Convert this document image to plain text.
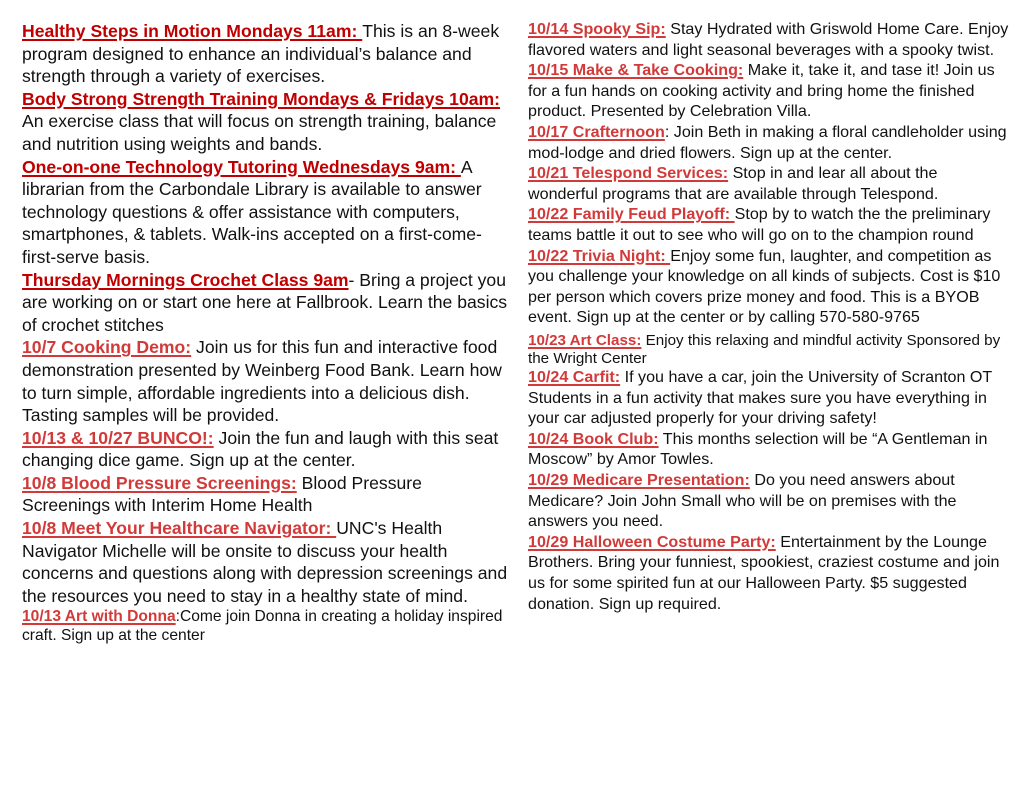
Healthy Steps in Motion Mondays 11am: This is an 8-week program designed to enhance an individual’s balance and strength through a variety of exercises.

Body Strong Strength Training Mondays & Fridays 10am: An exercise class that will focus on strength training, balance and nutrition using weights and bands.

One-on-one Technology Tutoring Wednesdays 9am: A librarian from the Carbondale Library is available to answer technology questions & offer assistance with computers, smartphones, & tablets. Walk-ins accepted on a first-come-first-serve basis.

Thursday Mornings Crochet Class 9am- Bring a project you are working on or start one here at Fallbrook. Learn the basics of crochet stitches

10/7 Cooking Demo: Join us for this fun and interactive food demonstration presented by Weinberg Food Bank. Learn how to turn simple, affordable ingredients into a delicious dish. Tasting samples will be provided.

10/13 & 10/27 BUNCO!: Join the fun and laugh with this seat changing dice game. Sign up at the center.

10/8 Blood Pressure Screenings: Blood Pressure Screenings with Interim Home Health

10/8 Meet Your Healthcare Navigator: UNC's Health Navigator Michelle will be onsite to discuss your health concerns and questions along with depression screenings and the resources you need to stay in a healthy state of mind.

10/13 Art with Donna:Come join Donna in creating a holiday inspired craft. Sign up at the center

10/14 Spooky Sip: Stay Hydrated with Griswold Home Care. Enjoy flavored waters and light seasonal beverages with a spooky twist.

10/15 Make & Take Cooking: Make it, take it, and tase it! Join us for a fun hands on cooking activity and bring home the finished product. Presented by Celebration Villa.

10/17 Crafternoon: Join Beth in making a floral candleholder using mod-lodge and dried flowers. Sign up at the center.

10/21 Telespond Services: Stop in and lear all about the wonderful programs that are available through Telespond.

10/22 Family Feud Playoff: Stop by to watch the the preliminary teams battle it out to see who will go on to the champion round

10/22 Trivia Night: Enjoy some fun, laughter, and competition as you challenge your knowledge on all kinds of subjects. Cost is $10 per person which covers prize money and food. This is a BYOB event. Sign up at the center or by calling 570-580-9765

10/23 Art Class: Enjoy this relaxing and mindful activity Sponsored by the Wright Center

10/24 Carfit: If you have a car, join the University of Scranton OT Students in a fun activity that makes sure you have everything in your car adjusted properly for your driving safety!

10/24 Book Club: This months selection will be “A Gentleman in Moscow” by Amor Towles.

10/29 Medicare Presentation: Do you need answers about Medicare? Join John Small who will be on premises with the answers you need.

10/29 Halloween Costume Party: Entertainment by the Lounge Brothers. Bring your funniest, spookiest, craziest costume and join us for some spirited fun at our Halloween Party. $5 suggested donation. Sign up required.
